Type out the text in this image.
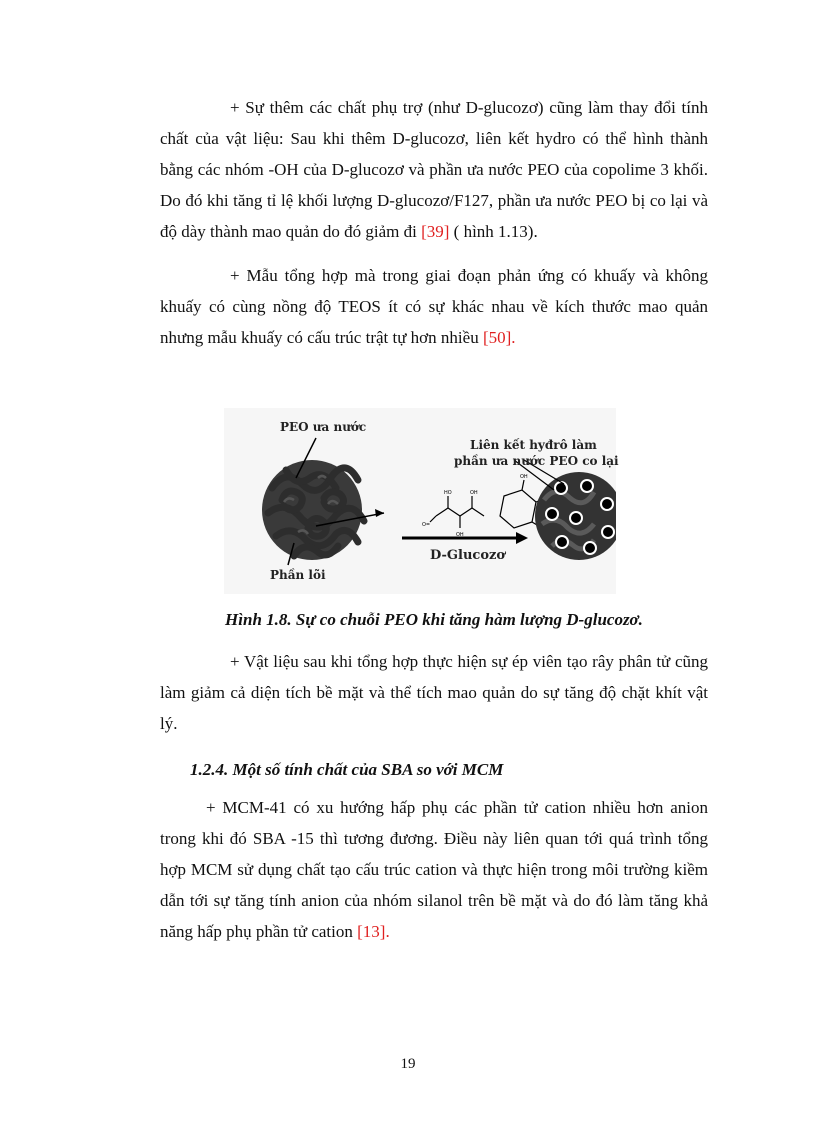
+ Sự thêm các chất phụ trợ (như D-glucozơ) cũng làm thay đổi tính chất của vật liệu: Sau khi thêm D-glucozơ, liên kết hydro có thể hình thành bằng các nhóm -OH của D-glucozơ và phần ưa nước PEO của copolime 3 khối. Do đó khi tăng tỉ lệ khối lượng D-glucozơ/F127, phần ưa nước PEO bị co lại và độ dày thành mao quản do đó giảm đi [39] ( hình 1.13).

+ Mẫu tổng hợp mà trong giai đoạn phản ứng có khuấy và không khuấy có cùng nồng độ TEOS ít có sự khác nhau về kích thước mao quản nhưng mẫu khuấy có cấu trúc trật tự hơn nhiều [50].

HO	OH
OH
O=
OH
PEO ưa nước
Liên kết hyđrô làm
phần ưa nước PEO co lại
Phần lõi
D-Glucozơ

Hình 1.8. Sự co chuỗi PEO khi tăng hàm lượng D-glucozơ.

+ Vật liệu sau khi tổng hợp thực hiện sự ép viên tạo rây phân tử cũng làm giảm cả diện tích bề mặt và thể tích mao quản do sự tăng độ chặt khít vật lý.

1.2.4. Một số tính chất của SBA so với MCM

+ MCM-41 có xu hướng hấp phụ các phần tử cation nhiều hơn anion trong khi đó SBA -15 thì tương đương. Điều này liên quan tới quá trình tổng hợp MCM sử dụng chất tạo cấu trúc cation và thực hiện trong môi trường kiềm dẫn tới sự tăng tính anion của nhóm silanol trên bề mặt và do đó làm tăng khả năng hấp phụ phần tử cation [13].

19
